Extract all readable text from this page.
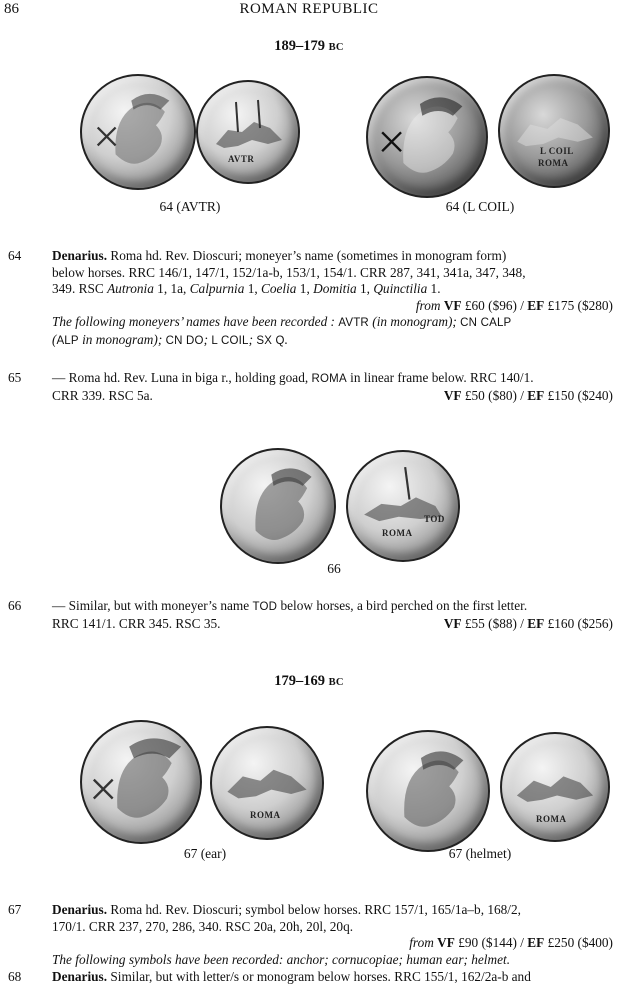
86	ROMAN REPUBLIC
189–179 BC
AVTR
L COIL
ROMA
64 (AVTR)	64 (L COIL)
64 Denarius. Roma hd. Rev. Dioscuri; moneyer’s name (sometimes in monogram form)
below horses. RRC 146/1, 147/1, 152/1a-b, 153/1, 154/1. CRR 287, 341, 341a, 347, 348,
349. RSC Autronia 1, 1a, Calpurnia 1, Coelia 1, Domitia 1, Quinctilia 1.
from VF £60 ($96) / EF £175 ($280)
The following moneyers’ names have been recorded : AVTR (in monogram); CN CALP
(ALP in monogram); CN DO; L COIL; SX Q.
65 — Roma hd. Rev. Luna in biga r., holding goad, ROMA in linear frame below. RRC 140/1.
CRR 339. RSC 5a.	VF £50 ($80) / EF £150 ($240)
ROMA
TOD
66
66 — Similar, but with moneyer’s name TOD below horses, a bird perched on the first letter.
RRC 141/1. CRR 345. RSC 35.	VF £55 ($88) / EF £160 ($256)
179–169 BC
ROMA	ROMA
67 (ear)	67 (helmet)
67 Denarius. Roma hd. Rev. Dioscuri; symbol below horses. RRC 157/1, 165/1a–b, 168/2,
170/1. CRR 237, 270, 286, 340. RSC 20a, 20h, 20l, 20q.
from VF £90 ($144) / EF £250 ($400)
The following symbols have been recorded: anchor; cornucopiae; human ear; helmet.
68 Denarius. Similar, but with letter/s or monogram below horses. RRC 155/1, 162/2a-b and
